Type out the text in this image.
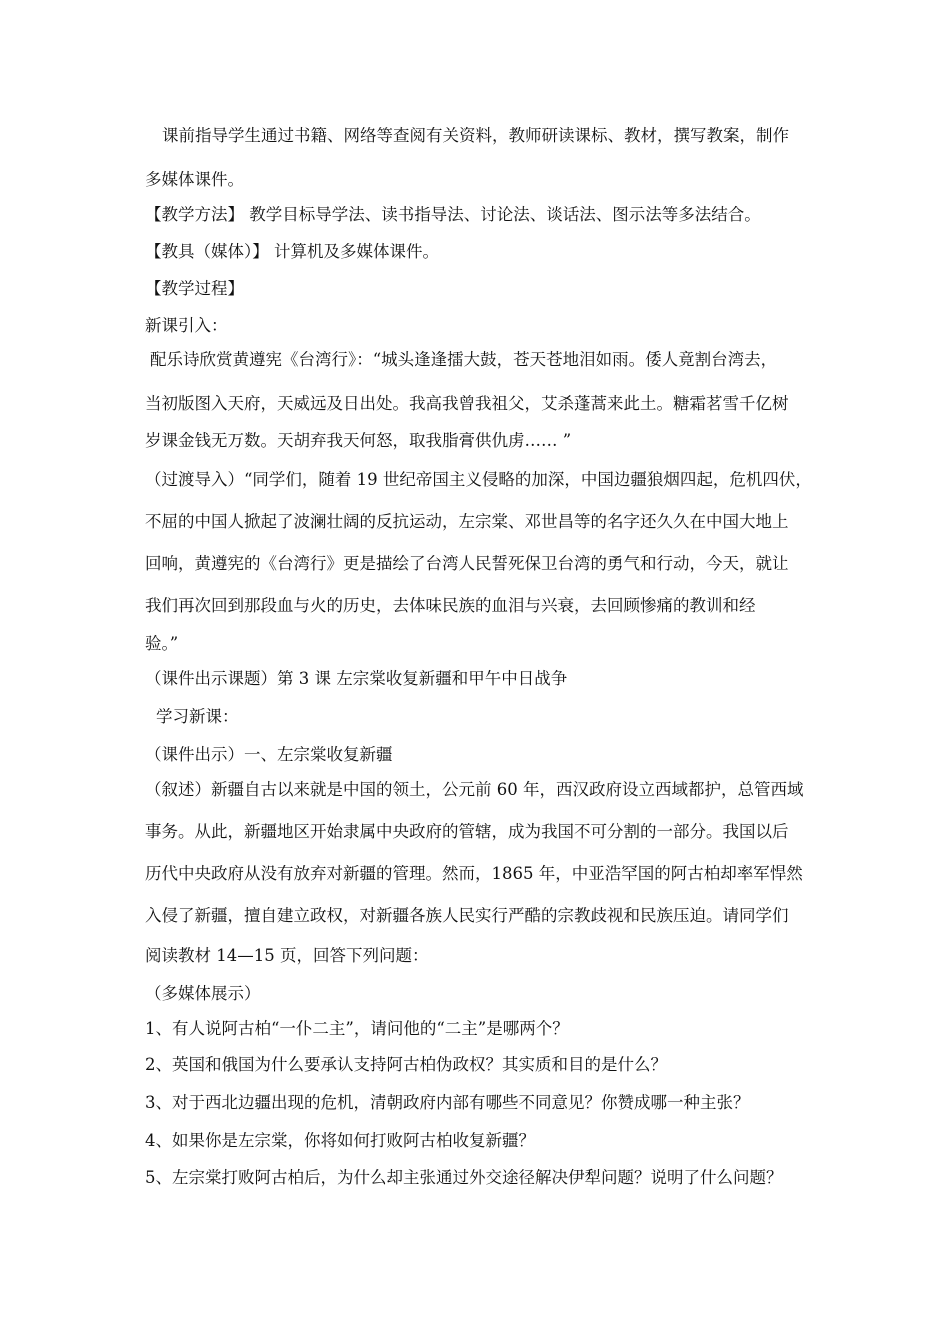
课前指导学生通过书籍、网络等查阅有关资料，教师研读课标、教材，撰写教案，制作
多媒体课件。
【教学方法】 教学目标导学法、读书指导法、讨论法、谈话法、图示法等多法结合。
【教具（媒体）】 计算机及多媒体课件。
【教学过程】
新课引入：
配乐诗欣赏黄遵宪《台湾行》：“城头逢逢擂大鼓，苍天苍地泪如雨。倭人竟割台湾去，
当初版图入天府，天威远及日出处。我高我曾我祖父，艾杀蓬蒿来此土。糖霜茗雪千亿树
岁课金钱无万数。天胡弃我天何怒，取我脂膏供仇虏…… ”
（过渡导入）“同学们，随着 19 世纪帝国主义侵略的加深，中国边疆狼烟四起，危机四伏，
不屈的中国人掀起了波澜壮阔的反抗运动，左宗棠、邓世昌等的名字还久久在中国大地上
回响，黄遵宪的《台湾行》更是描绘了台湾人民誓死保卫台湾的勇气和行动，今天，就让
我们再次回到那段血与火的历史，去体味民族的血泪与兴衰，去回顾惨痛的教训和经
验。”
（课件出示课题）第 3 课 左宗棠收复新疆和甲午中日战争
学习新课：
（课件出示）一、左宗棠收复新疆
（叙述）新疆自古以来就是中国的领土，公元前 60 年，西汉政府设立西域都护，总管西域
事务。从此，新疆地区开始隶属中央政府的管辖，成为我国不可分割的一部分。我国以后
历代中央政府从没有放弃对新疆的管理。然而，1865 年，中亚浩罕国的阿古柏却率军悍然
入侵了新疆，擅自建立政权，对新疆各族人民实行严酷的宗教歧视和民族压迫。请同学们
阅读教材 14—15 页，回答下列问题：
（多媒体展示）
1、有人说阿古柏“一仆二主”，请问他的“二主”是哪两个？
2、英国和俄国为什么要承认支持阿古柏伪政权？其实质和目的是什么？
3、对于西北边疆出现的危机，清朝政府内部有哪些不同意见？你赞成哪一种主张？
4、如果你是左宗棠，你将如何打败阿古柏收复新疆？
5、左宗棠打败阿古柏后，为什么却主张通过外交途径解决伊犁问题？说明了什么问题？
